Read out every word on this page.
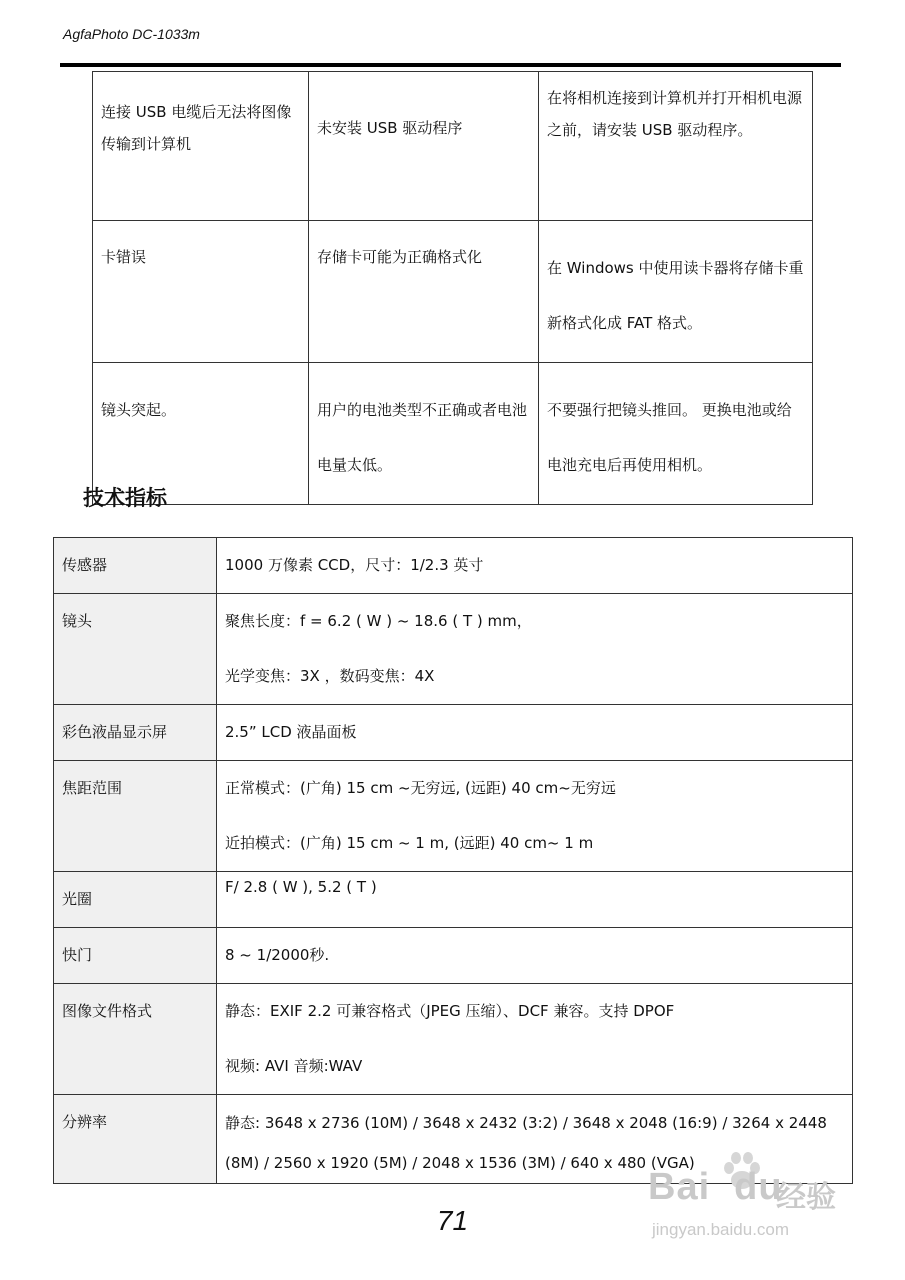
AgfaPhoto DC-1033m
连接 USB 电缆后无法将图像传输到计算机	未安装 USB 驱动程序	在将相机连接到计算机并打开相机电源之前，请安装 USB 驱动程序。
卡错误	存储卡可能为正确格式化	在 Windows 中使用读卡器将存储卡重新格式化成 FAT 格式。
镜头突起。	用户的电池类型不正确或者电池电量太低。	不要强行把镜头推回。 更换电池或给电池充电后再使用相机。
技术指标
传感器	1000 万像素 CCD，尺寸：1/2.3 英寸

镜头	聚焦长度：f = 6.2 ( W ) ~ 18.6 ( T ) mm，
光学变焦：3X ，数码变焦：4X

彩色液晶显示屏	2.5” LCD 液晶面板

焦距范围	正常模式：(广角) 15 cm ~无穷远, (远距) 40 cm~无穷远
近拍模式：(广角) 15 cm ~ 1 m, (远距) 40 cm~ 1 m

光圈	F/ 2.8 ( W ), 5.2 ( T )

快门	8 ~ 1/2000秒.

图像文件格式	静态：EXIF 2.2 可兼容格式（JPEG 压缩）、DCF 兼容。支持 DPOF
视频: AVI 音频:WAV

分辨率	静态: 3648 x 2736 (10M) / 3648 x 2432 (3:2) / 3648 x 2048 (16:9) / 3264 x 2448
(8M) / 2560 x 1920 (5M) / 2048 x 1536 (3M) / 640 x 480 (VGA)
Bai du
经验
jingyan.baidu.com
71
